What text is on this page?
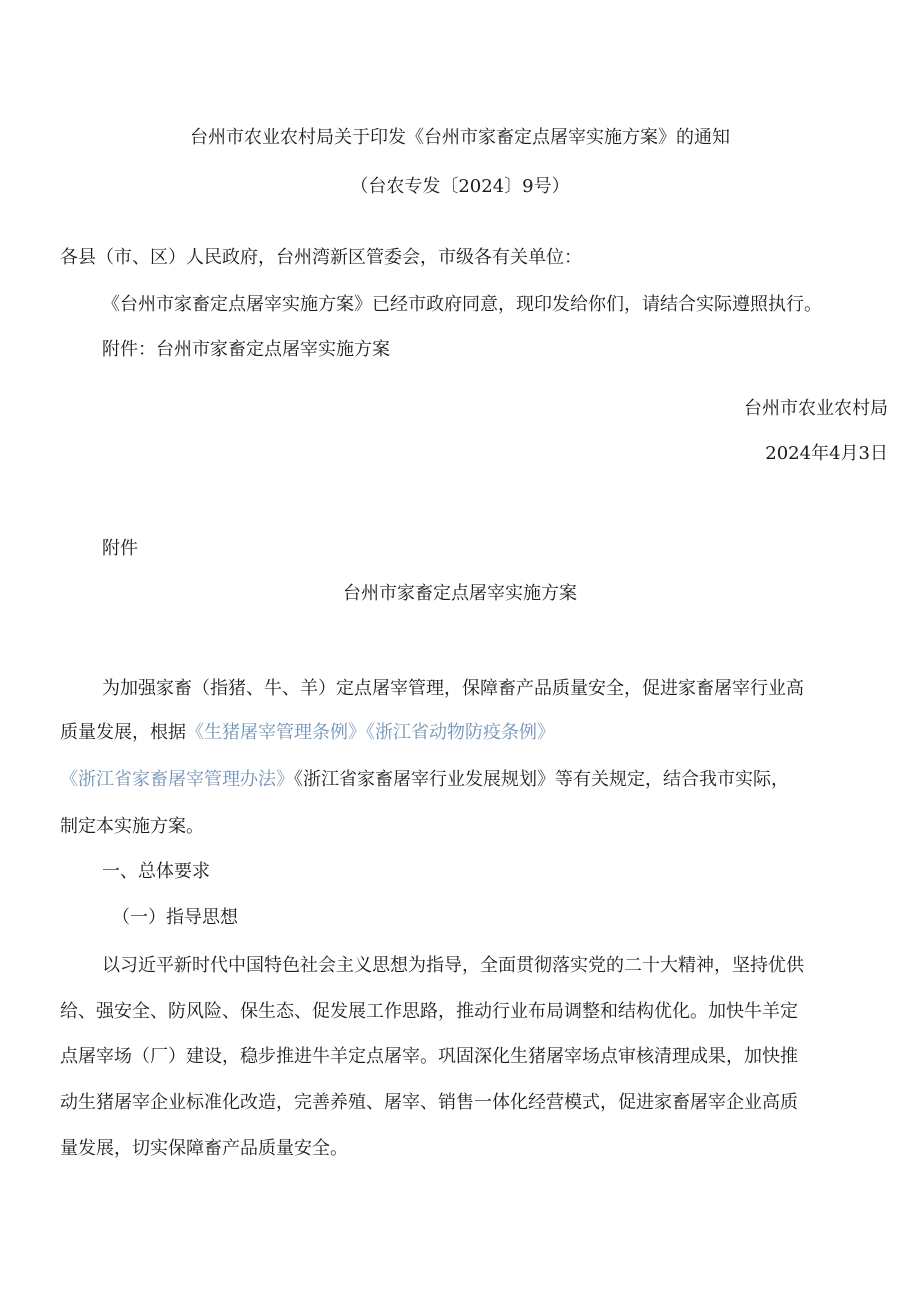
台州市农业农村局关于印发《台州市家畜定点屠宰实施方案》的通知
（台农专发〔2024〕9号）
各县（市、区）人民政府，台州湾新区管委会，市级各有关单位：
《台州市家畜定点屠宰实施方案》已经市政府同意，现印发给你们，请结合实际遵照执行。
附件：台州市家畜定点屠宰实施方案
台州市农业农村局
2024年4月3日
附件
台州市家畜定点屠宰实施方案
为加强家畜（指猪、牛、羊）定点屠宰管理，保障畜产品质量安全，促进家畜屠宰行业高
质量发展，根据《生猪屠宰管理条例》《浙江省动物防疫条例》
《浙江省家畜屠宰管理办法》《浙江省家畜屠宰行业发展规划》等有关规定，结合我市实际，
制定本实施方案。
一、总体要求
（一）指导思想
以习近平新时代中国特色社会主义思想为指导，全面贯彻落实党的二十大精神，坚持优供
给、强安全、防风险、保生态、促发展工作思路，推动行业布局调整和结构优化。加快牛羊定
点屠宰场（厂）建设，稳步推进牛羊定点屠宰。巩固深化生猪屠宰场点审核清理成果，加快推
动生猪屠宰企业标准化改造，完善养殖、屠宰、销售一体化经营模式，促进家畜屠宰企业高质
量发展，切实保障畜产品质量安全。
